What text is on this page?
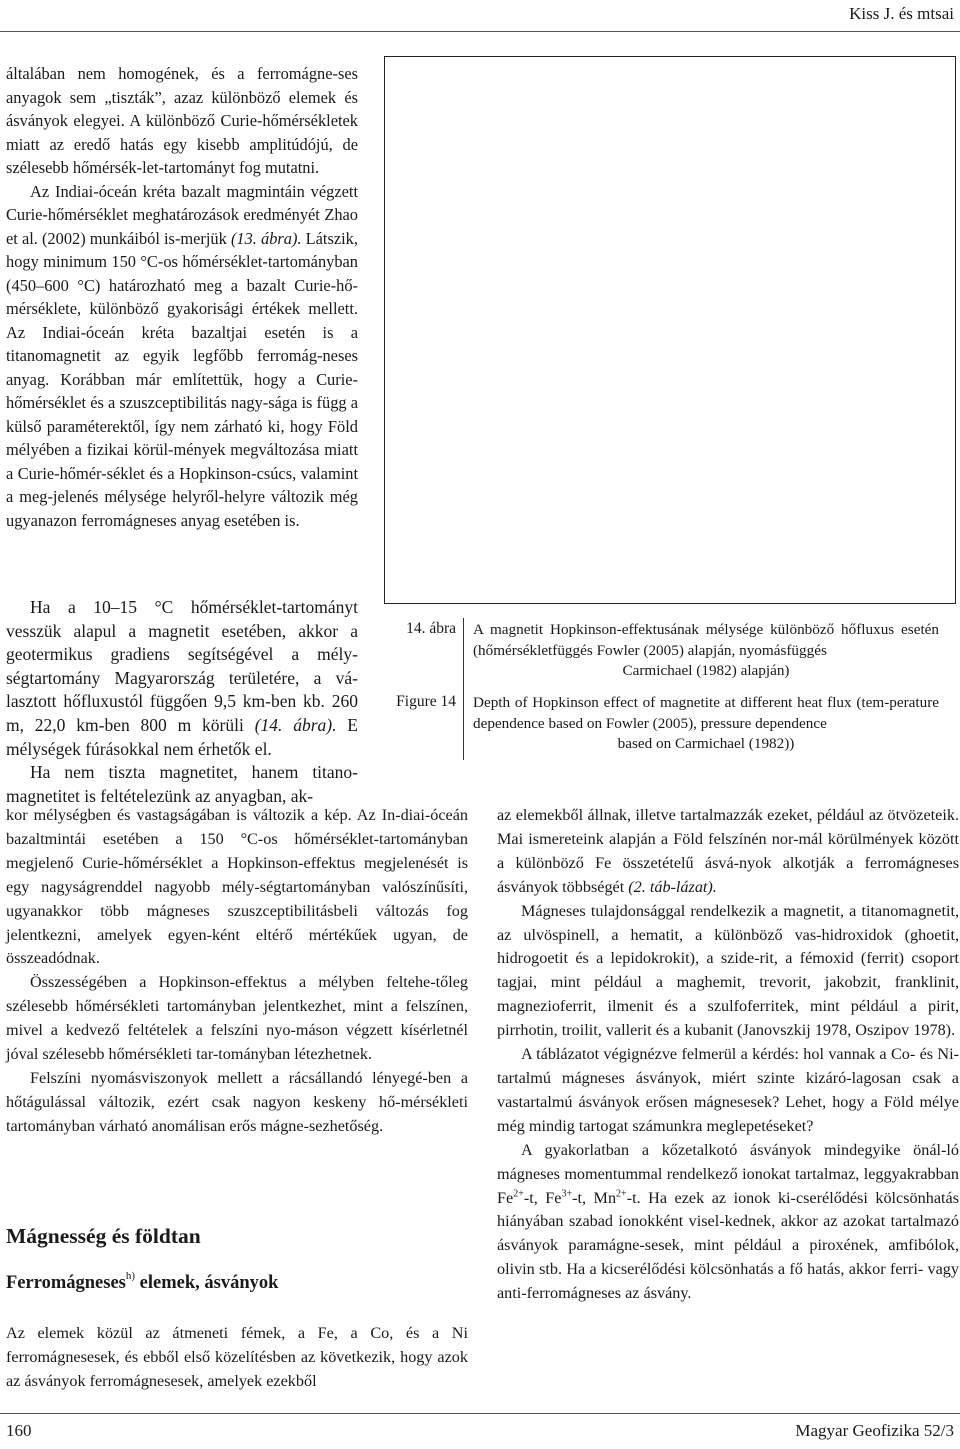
Kiss J. és mtsai

általában nem homogének, és a ferromágne-ses anyagok sem „tiszták”, azaz különböző elemek és ásványok elegyei. A különböző Curie-hőmérsékletek miatt az eredő hatás egy kisebb amplitúdójú, de szélesebb hőmérsék-let-tartományt fog mutatni.

Az Indiai-óceán kréta bazalt magmintáin végzett Curie-hőmérséklet meghatározások eredményét Zhao et al. (2002) munkáiból is-merjük (13. ábra). Látszik, hogy minimum 150 °C-os hőmérséklet-tartományban (450–600 °C) határozható meg a bazalt Curie-hő-mérséklete, különböző gyakorisági értékek mellett. Az Indiai-óceán kréta bazaltjai esetén is a titanomagnetit az egyik legfőbb ferromág-neses anyag. Korábban már említettük, hogy a Curie-hőmérséklet és a szuszceptibilitás nagy-sága is függ a külső paraméterektől, így nem zárható ki, hogy Föld mélyében a fizikai körül-mények megváltozása miatt a Curie-hőmér-séklet és a Hopkinson-csúcs, valamint a meg-jelenés mélysége helyről-helyre változik még ugyanazon ferromágneses anyag esetében is.

Ha a 10–15 °C hőmérséklet-tartományt vesszük alapul a magnetit esetében, akkor a geotermikus gradiens segítségével a mély-ségtartomány Magyarország területére, a vá-lasztott hőfluxustól függően 9,5 km-ben kb. 260 m, 22,0 km-ben 800 m körüli (14. ábra). E mélységek fúrásokkal nem érhetők el.

Ha nem tiszta magnetitet, hanem titano-magnetitet is feltételezünk az anyagban, ak-

14. ábra A magnetit Hopkinson-effektusának mélysége különböző hőfluxus esetén (hőmérsékletfüggés Fowler (2005) alapján, nyomásfüggés
Carmichael (1982) alapján)
Figure 14 Depth of Hopkinson effect of magnetite at different heat flux (tem-perature dependence based on Fowler (2005), pressure dependence
based on Carmichael (1982))

kor mélységben és vastagságában is változik a kép. Az In-diai-óceán bazaltmintái esetében a 150 °C-os hőmérséklet-tartományban megjelenő Curie-hőmérséklet a Hopkinson-effektus megjelenését is egy nagyságrenddel nagyobb mély-ségtartományban valószínűsíti, ugyanakkor több mágneses szuszceptibilitásbeli változás fog jelentkezni, amelyek egyen-ként eltérő mértékűek ugyan, de összeadódnak.

Összességében a Hopkinson-effektus a mélyben feltehe-tőleg szélesebb hőmérsékleti tartományban jelentkezhet, mint a felszínen, mivel a kedvező feltételek a felszíni nyo-máson végzett kísérletnél jóval szélesebb hőmérsékleti tar-tományban létezhetnek.

Felszíni nyomásviszonyok mellett a rácsállandó lényegé-ben a hőtágulással változik, ezért csak nagyon keskeny hő-mérsékleti tartományban várható anomálisan erős mágne-sezhetőség.

Mágnesség és földtan
Ferromágneses$^{h)}$ elemek, ásványok

Az elemek közül az átmeneti fémek, a Fe, a Co, és a Ni ferromágnesesek, és ebből első közelítésben az következik, hogy azok az ásványok ferromágnesesek, amelyek ezekből

az elemekből állnak, illetve tartalmazzák ezeket, például az ötvözeteik. Mai ismereteink alapján a Föld felszínén nor-mál körülmények között a különböző Fe összetételű ásvá-nyok alkotják a ferromágneses ásványok többségét (2. táb-lázat).

Mágneses tulajdonsággal rendelkezik a magnetit, a titanomagnetit, az ulvöspinell, a hematit, a különböző vas-hidroxidok (ghoetit, hidrogoetit és a lepidokrokit), a szide-rit, a fémoxid (ferrit) csoport tagjai, mint például a maghemit, trevorit, jakobzit, franklinit, magnezioferrit, ilmenit és a szulfoferritek, mint például a pirit, pirrhotin, troilit, vallerit és a kubanit (Janovszkij 1978, Oszipov 1978).

A táblázatot végignézve felmerül a kérdés: hol vannak a Co- és Ni-tartalmú mágneses ásványok, miért szinte kizáró-lagosan csak a vastartalmú ásványok erősen mágnesesek? Lehet, hogy a Föld mélye még mindig tartogat számunkra meglepetéseket?

A gyakorlatban a kőzetalkotó ásványok mindegyike önál-ló mágneses momentummal rendelkező ionokat tartalmaz, leggyakrabban $Fe^{2+}-t$, $Fe^{3+}-t$, $Mn^{2+}-t$. Ha ezek az ionok ki-cserélődési kölcsönhatás hiányában szabad ionokként visel-kednek, akkor az azokat tartalmazó ásványok paramágne-sesek, mint például a piroxének, amfibólok, olivin stb. Ha a kicserélődési kölcsönhatás a fő hatás, akkor ferri- vagy anti-ferromágneses az ásvány.

160	Magyar Geofizika 52/3
